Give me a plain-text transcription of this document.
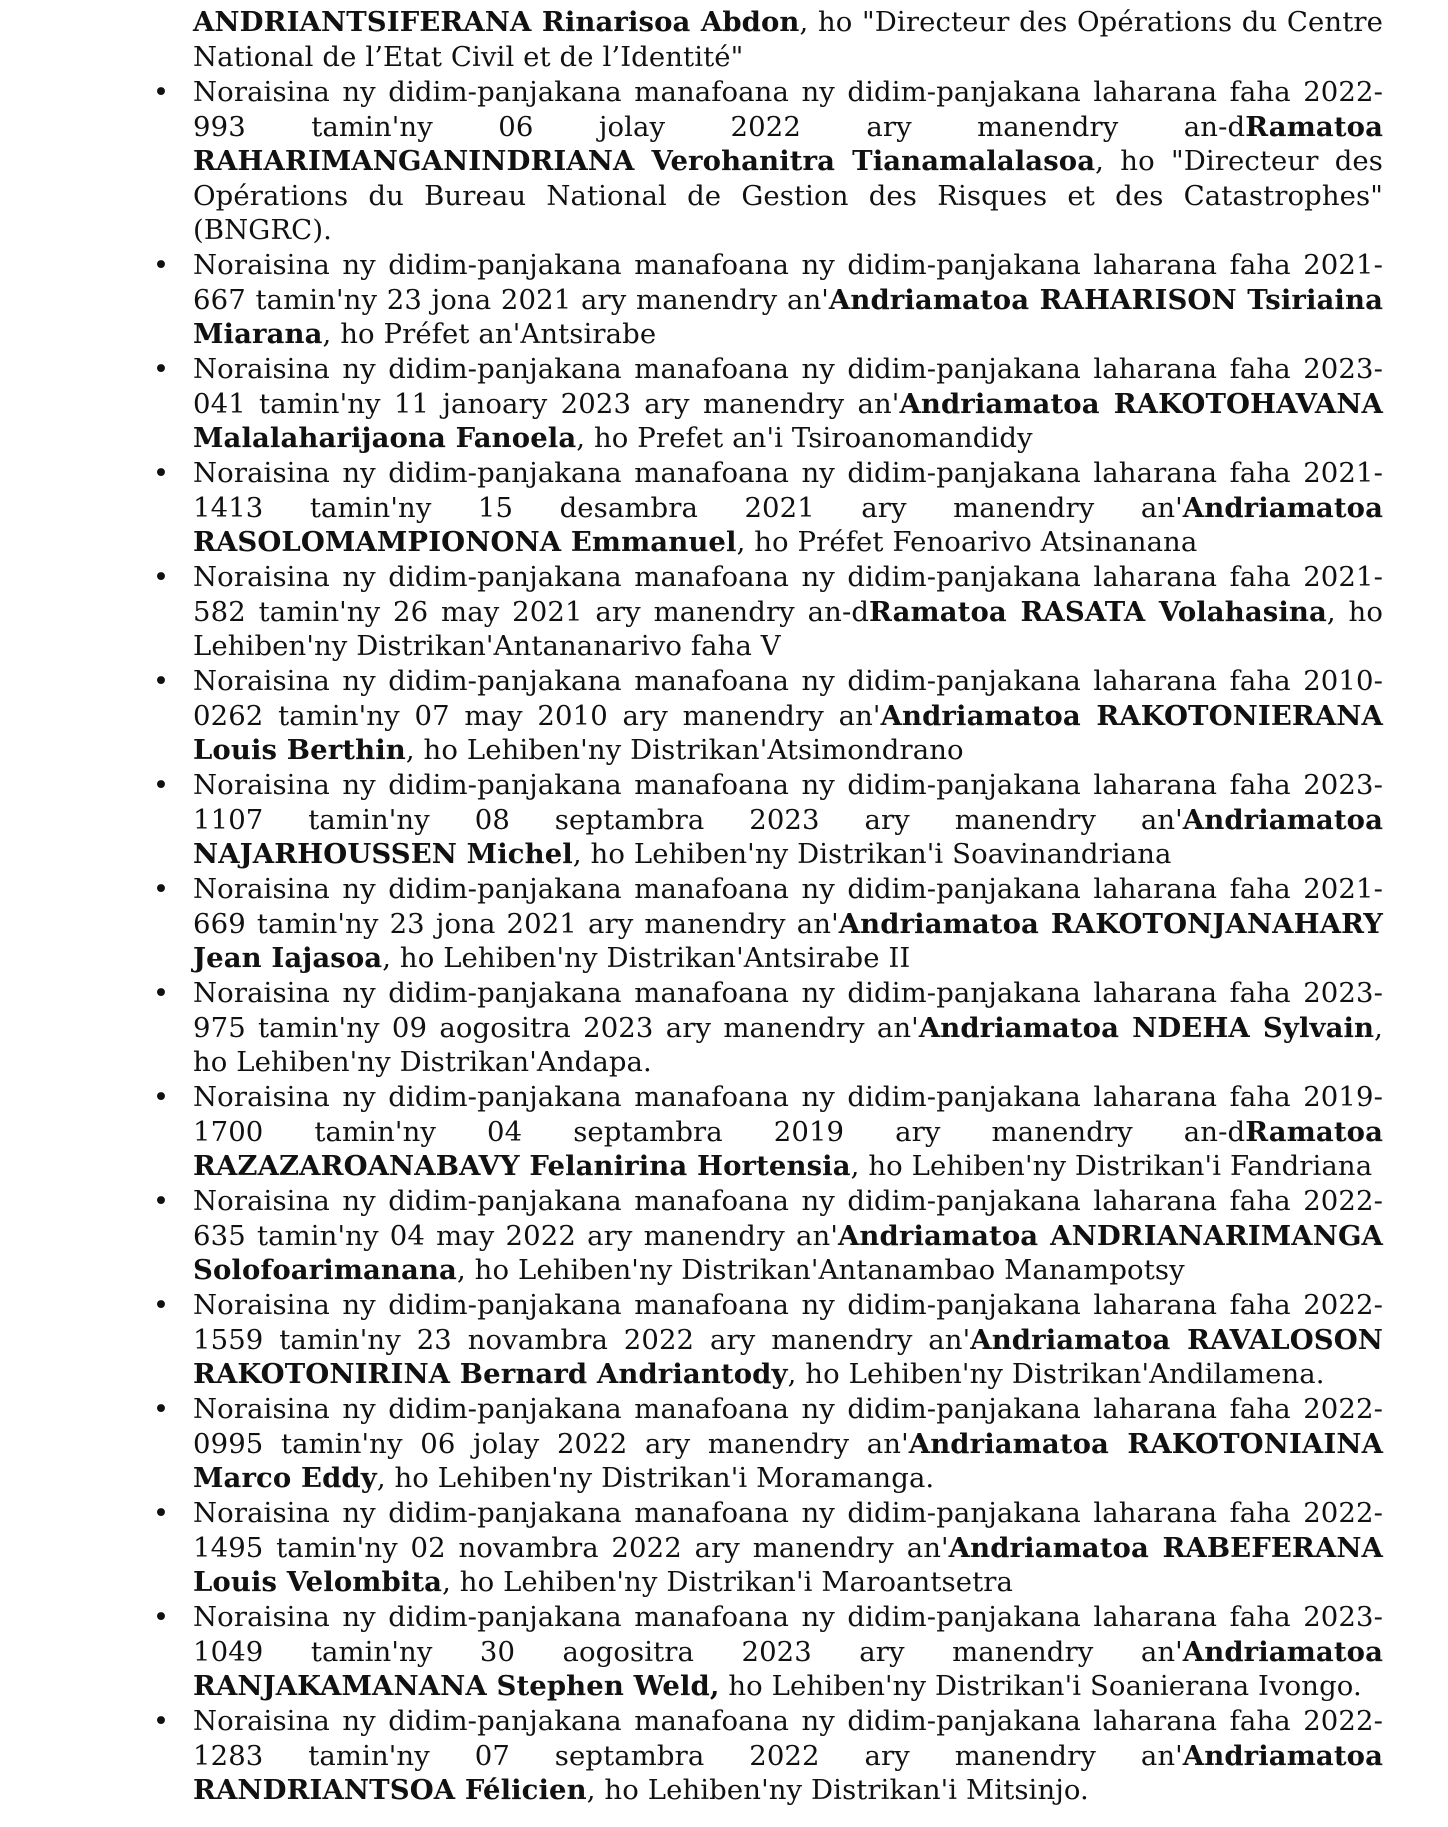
ANDRIANTSIFERANA Rinarisoa Abdon, ho "Directeur des Opérations du Centre National de l’Etat Civil et de l’Identité"

• Noraisina ny didim-panjakana manafoana ny didim-panjakana laharana faha 2022-993 tamin'ny 06 jolay 2022 ary manendry an-dRamatoa RAHARIMANGANINDRIANA Verohanitra Tianamalalasoa, ho "Directeur des Opérations du Bureau National de Gestion des Risques et des Catastrophes" (BNGRC).
• Noraisina ny didim-panjakana manafoana ny didim-panjakana laharana faha 2021-667 tamin'ny 23 jona 2021 ary manendry an'Andriamatoa RAHARISON Tsiriaina Miarana, ho Préfet an'Antsirabe
• Noraisina ny didim-panjakana manafoana ny didim-panjakana laharana faha 2023-041 tamin'ny 11 janoary 2023 ary manendry an'Andriamatoa RAKOTOHAVANA Malalaharijaona Fanoela, ho Prefet an'i Tsiroanomandidy
• Noraisina ny didim-panjakana manafoana ny didim-panjakana laharana faha 2021-1413 tamin'ny 15 desambra 2021 ary manendry an'Andriamatoa RASOLOMAMPIONONA Emmanuel, ho Préfet Fenoarivo Atsinanana
• Noraisina ny didim-panjakana manafoana ny didim-panjakana laharana faha 2021-582 tamin'ny 26 may 2021 ary manendry an-dRamatoa RASATA Volahasina, ho Lehiben'ny Distrikan'Antananarivo faha V
• Noraisina ny didim-panjakana manafoana ny didim-panjakana laharana faha 2010-0262 tamin'ny 07 may 2010 ary manendry an'Andriamatoa RAKOTONIERANA Louis Berthin, ho Lehiben'ny Distrikan'Atsimondrano
• Noraisina ny didim-panjakana manafoana ny didim-panjakana laharana faha 2023-1107 tamin'ny 08 septambra 2023 ary manendry an'Andriamatoa NAJARHOUSSEN Michel, ho Lehiben'ny Distrikan'i Soavinandriana
• Noraisina ny didim-panjakana manafoana ny didim-panjakana laharana faha 2021-669 tamin'ny 23 jona 2021 ary manendry an'Andriamatoa RAKOTONJANAHARY Jean Iajasoa, ho Lehiben'ny Distrikan'Antsirabe II
• Noraisina ny didim-panjakana manafoana ny didim-panjakana laharana faha 2023-975 tamin'ny 09 aogositra 2023 ary manendry an'Andriamatoa NDEHA Sylvain, ho Lehiben'ny Distrikan'Andapa.
• Noraisina ny didim-panjakana manafoana ny didim-panjakana laharana faha 2019-1700 tamin'ny 04 septambra 2019 ary manendry an-dRamatoa RAZAZAROANABAVY Felanirina Hortensia, ho Lehiben'ny Distrikan'i Fandriana
• Noraisina ny didim-panjakana manafoana ny didim-panjakana laharana faha 2022-635 tamin'ny 04 may 2022 ary manendry an'Andriamatoa ANDRIANARIMANGA Solofoarimanana, ho Lehiben'ny Distrikan'Antanambao Manampotsy
• Noraisina ny didim-panjakana manafoana ny didim-panjakana laharana faha 2022-1559 tamin'ny 23 novambra 2022 ary manendry an'Andriamatoa RAVALOSON RAKOTONIRINA Bernard Andriantody, ho Lehiben'ny Distrikan'Andilamena.
• Noraisina ny didim-panjakana manafoana ny didim-panjakana laharana faha 2022-0995 tamin'ny 06 jolay 2022 ary manendry an'Andriamatoa RAKOTONIAINA Marco Eddy, ho Lehiben'ny Distrikan'i Moramanga.
• Noraisina ny didim-panjakana manafoana ny didim-panjakana laharana faha 2022-1495 tamin'ny 02 novambra 2022 ary manendry an'Andriamatoa RABEFERANA Louis Velombita, ho Lehiben'ny Distrikan'i Maroantsetra
• Noraisina ny didim-panjakana manafoana ny didim-panjakana laharana faha 2023-1049 tamin'ny 30 aogositra 2023 ary manendry an'Andriamatoa RANJAKAMANANA Stephen Weld, ho Lehiben'ny Distrikan'i Soanierana Ivongo.
• Noraisina ny didim-panjakana manafoana ny didim-panjakana laharana faha 2022-1283 tamin'ny 07 septambra 2022 ary manendry an'Andriamatoa RANDRIANTSOA Félicien, ho Lehiben'ny Distrikan'i Mitsinjo.
